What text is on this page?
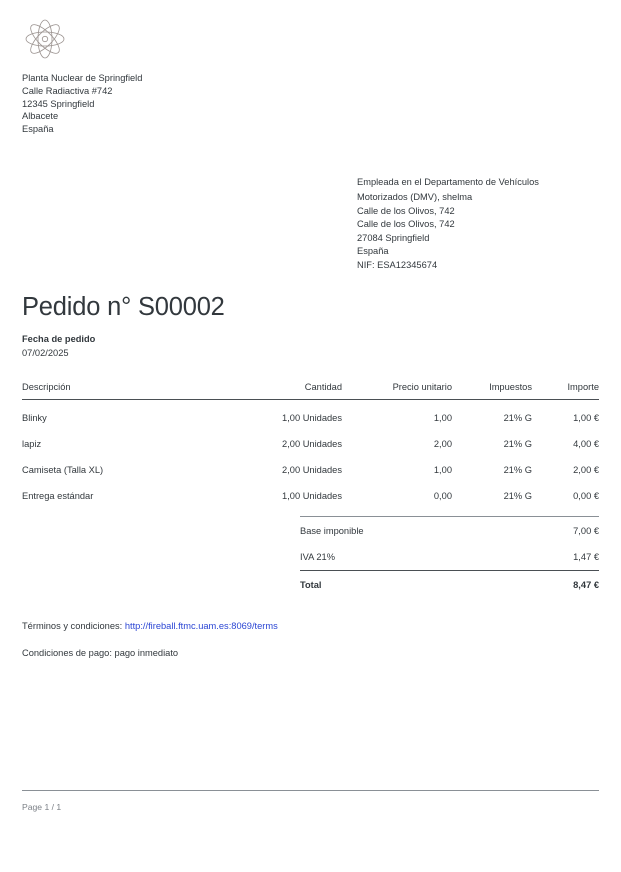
Planta Nuclear de Springfield
Calle Radiactiva #742
12345 Springfield
Albacete
España
Empleada en el Departamento de Vehículos
Motorizados (DMV), shelma
Calle de los Olivos, 742
Calle de los Olivos, 742
27084 Springfield
España
NIF: ESA12345674
Pedido n° S00002
Fecha de pedido
07/02/2025
Descripción	Cantidad	Precio unitario	Impuestos	Importe
Blinky	1,00 Unidades	1,00	21% G	1,00 €
lapiz	2,00 Unidades	2,00	21% G	4,00 €
Camiseta (Talla XL)	2,00 Unidades	1,00	21% G	2,00 €
Entrega estándar	1,00 Unidades	0,00	21% G	0,00 €
Base imponible	7,00 €
IVA 21%	1,47 €
Total	8,47 €
Términos y condiciones: http://fireball.ftmc.uam.es:8069/terms
Condiciones de pago: pago inmediato
Page 1 / 1
